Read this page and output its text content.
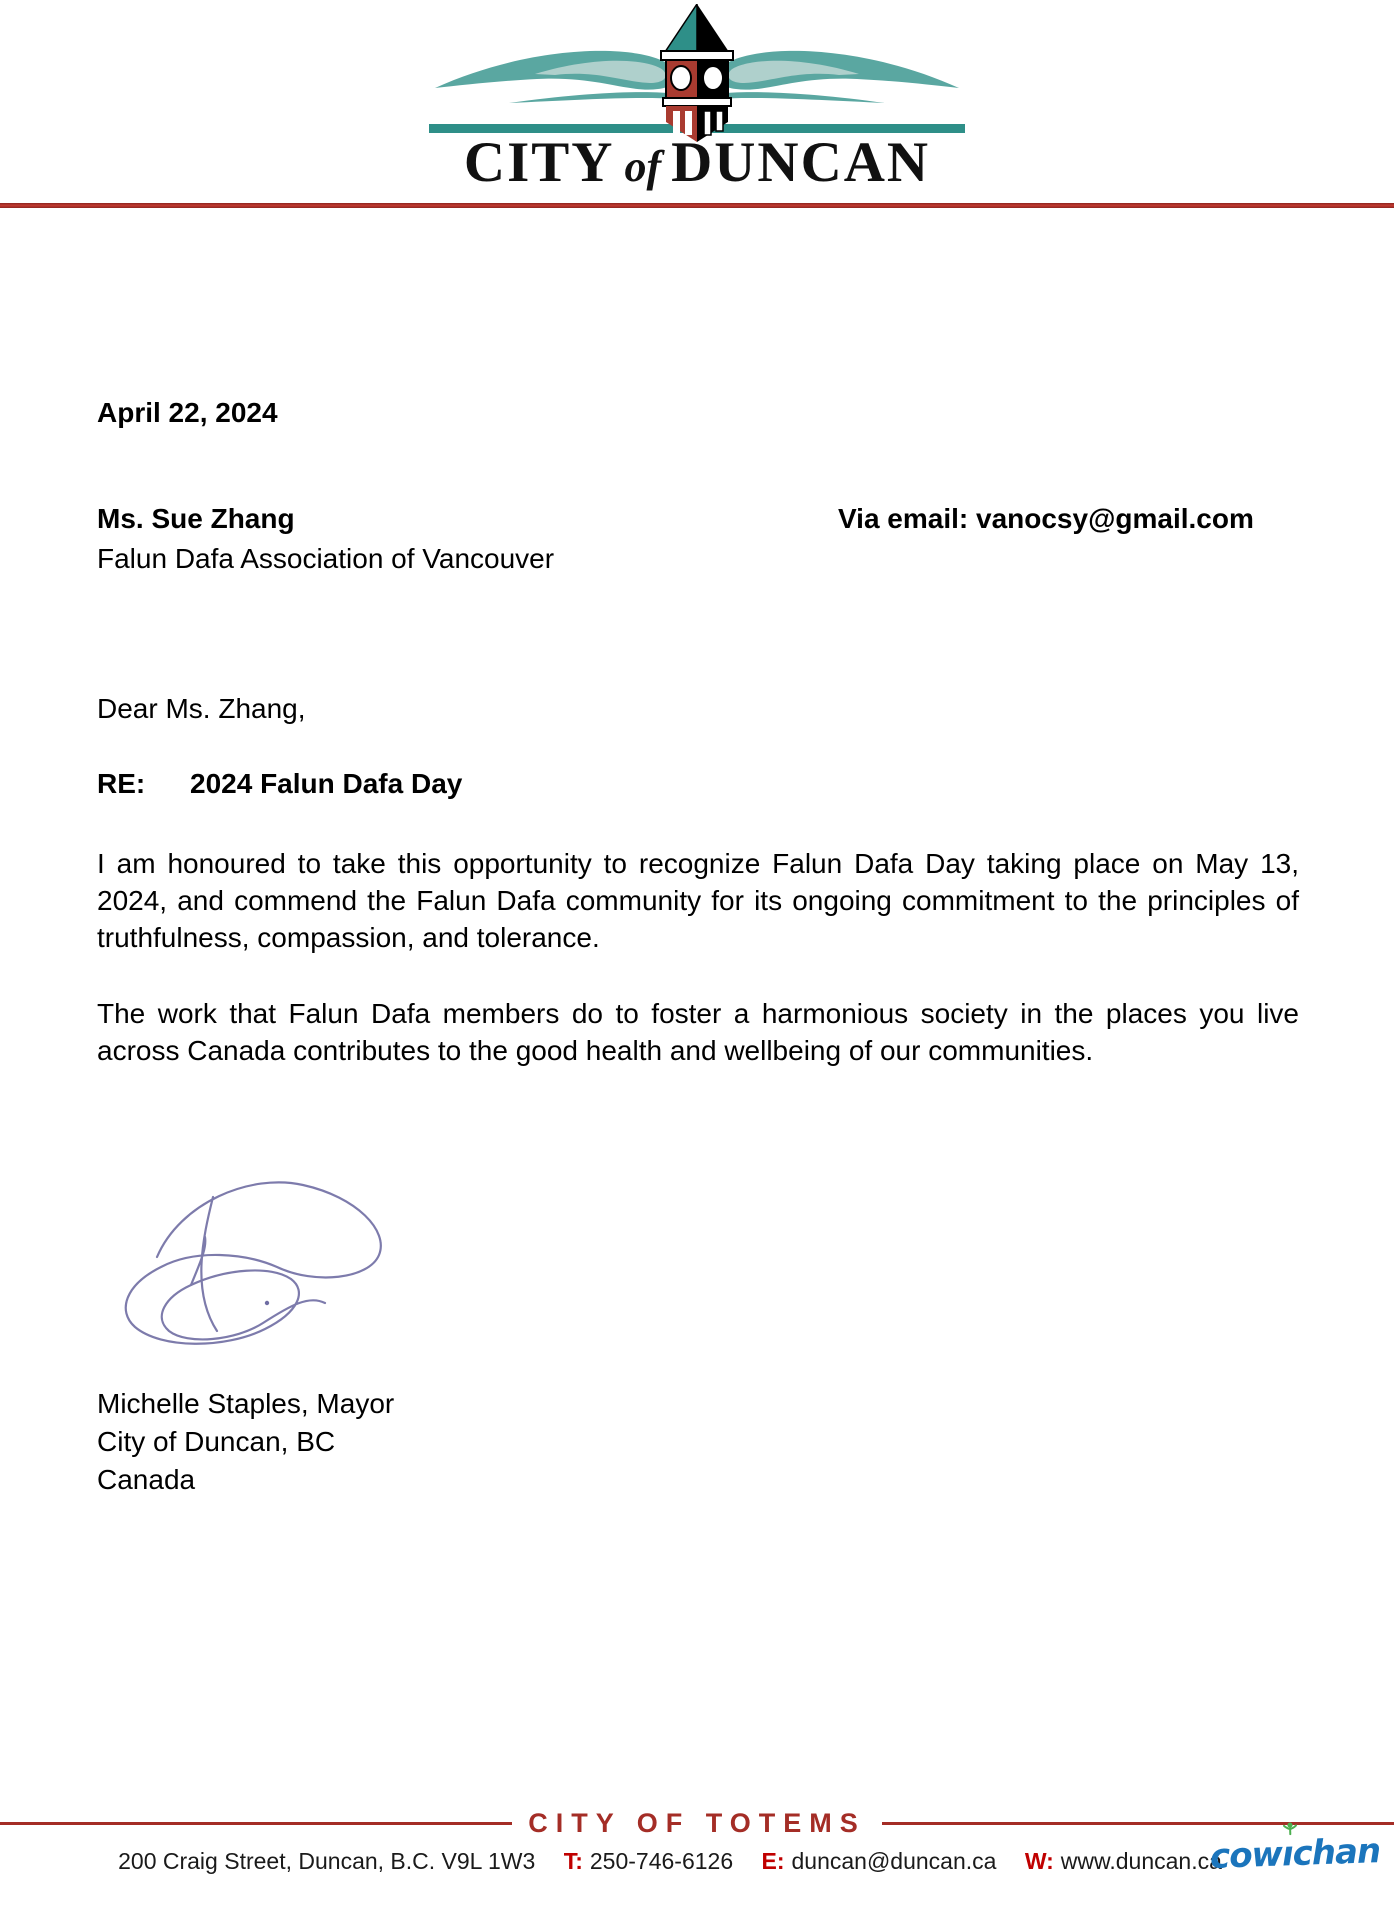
CITY of DUNCAN
April 22, 2024
Ms. Sue Zhang
Falun Dafa Association of Vancouver
Via email: vanocsy@gmail.com
Dear Ms. Zhang,
RE: 2024 Falun Dafa Day

I am honoured to take this opportunity to recognize Falun Dafa Day taking place on May 13, 2024, and commend the Falun Dafa community for its ongoing commitment to the principles of truthfulness, compassion, and tolerance.

The work that Falun Dafa members do to foster a harmonious society in the places you live across Canada contributes to the good health and wellbeing of our communities.

Michelle Staples, Mayor
City of Duncan, BC
Canada
CITY OF TOTEMS
200 Craig Street, Duncan, B.C. V9L 1W3 T: 250-746-6126 E: duncan@duncan.ca W: www.duncan.ca
cowı
chan
